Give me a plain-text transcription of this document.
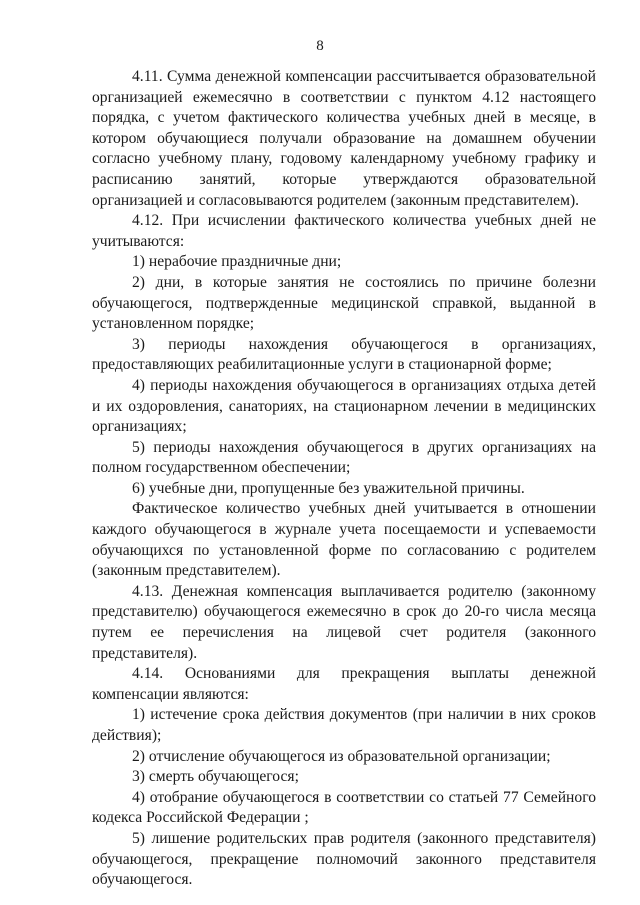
8

4.11. Сумма денежной компенсации рассчитывается образовательной организацией ежемесячно в соответствии с пунктом 4.12 настоящего порядка, с учетом фактического количества учебных дней в месяце, в котором обучающиеся получали образование на домашнем обучении согласно учебному плану, годовому календарному учебному графику и расписанию занятий, которые утверждаются образовательной организацией и согласовываются родителем (законным представителем).

4.12. При исчислении фактического количества учебных дней не учитываются:

1) нерабочие праздничные дни;

2) дни, в которые занятия не состоялись по причине болезни обучающегося, подтвержденные медицинской справкой, выданной в установленном порядке;

3) периоды нахождения обучающегося в организациях, предоставляющих реабилитационные услуги в стационарной форме;

4) периоды нахождения обучающегося в организациях отдыха детей и их оздоровления, санаториях, на стационарном лечении в медицинских организациях;

5) периоды нахождения обучающегося в других организациях на полном государственном обеспечении;

6) учебные дни, пропущенные без уважительной причины.

Фактическое количество учебных дней учитывается в отношении каждого обучающегося в журнале учета посещаемости и успеваемости обучающихся по установленной форме по согласованию с родителем (законным представителем).

4.13. Денежная компенсация выплачивается родителю (законному представителю) обучающегося ежемесячно в срок до 20-го числа месяца путем ее перечисления на лицевой счет родителя (законного представителя).

4.14. Основаниями для прекращения выплаты денежной компенсации являются:

1) истечение срока действия документов (при наличии в них сроков действия);

2) отчисление обучающегося из образовательной организации;

3) смерть обучающегося;

4) отобрание обучающегося в соответствии со статьей 77 Семейного кодекса Российской Федерации ;

5) лишение родительских прав родителя (законного представителя) обучающегося, прекращение полномочий законного представителя обучающегося.
